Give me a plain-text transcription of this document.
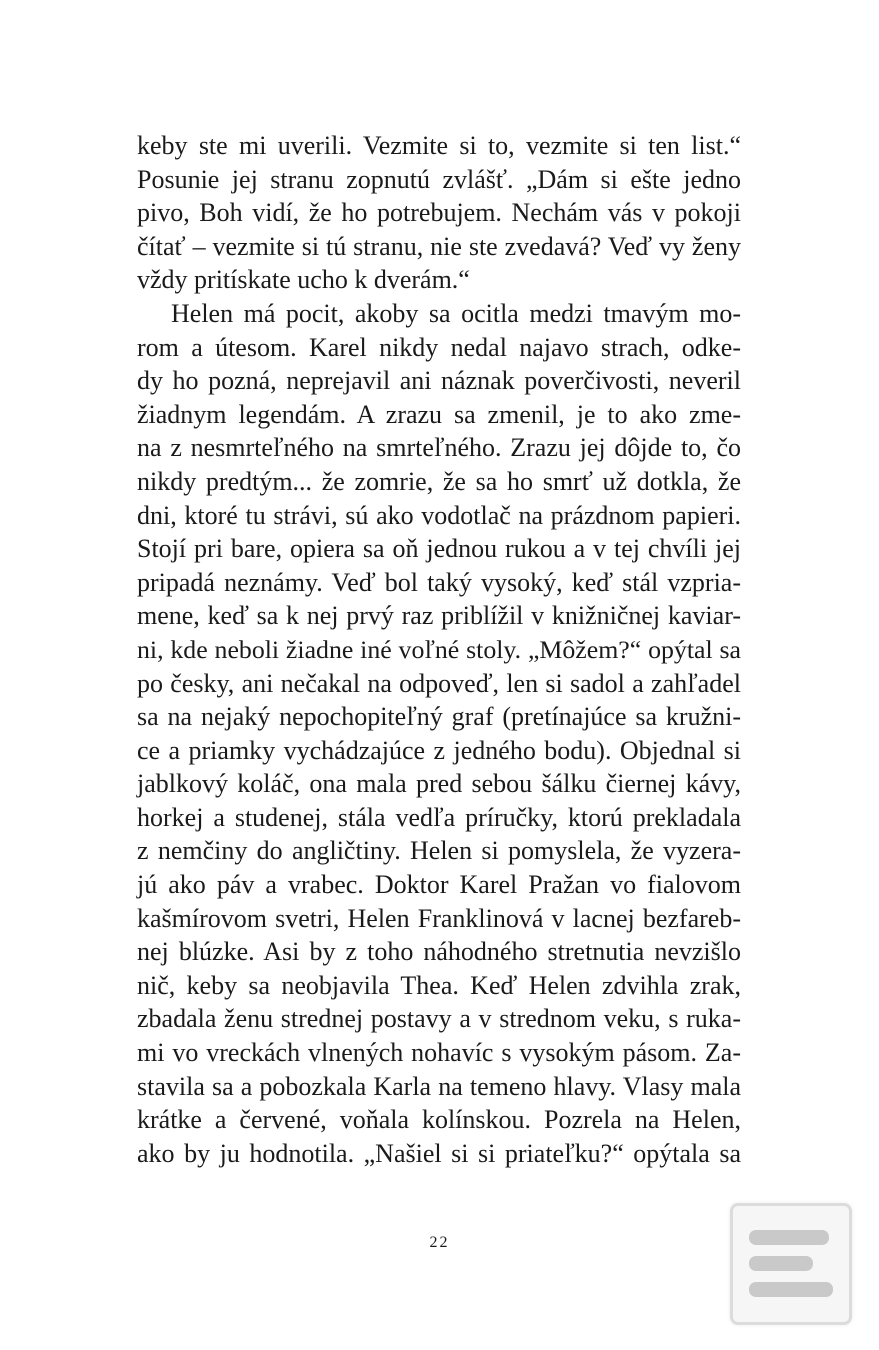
keby ste mi uverili. Vezmite si to, vezmite si ten list.“
Posunie jej stranu zopnutú zvlášť. „Dám si ešte jedno
pivo, Boh vidí, že ho potrebujem. Nechám vás v pokoji
čítať – vezmite si tú stranu, nie ste zvedavá? Veď vy ženy
vždy pritískate ucho k dverám.“
Helen má pocit, akoby sa ocitla medzi tmavým mo-
rom a útesom. Karel nikdy nedal najavo strach, odke-
dy ho pozná, neprejavil ani náznak poverčivosti, neveril
žiadnym legendám. A zrazu sa zmenil, je to ako zme-
na z nesmrteľného na smrteľného. Zrazu jej dôjde to, čo
nikdy predtým... že zomrie, že sa ho smrť už dotkla, že
dni, ktoré tu strávi, sú ako vodotlač na prázdnom papieri.
Stojí pri bare, opiera sa oň jednou rukou a v tej chvíli jej
pripadá neznámy. Veď bol taký vysoký, keď stál vzpria-
mene, keď sa k nej prvý raz priblížil v knižničnej kaviar-
ni, kde neboli žiadne iné voľné stoly. „Môžem?“ opýtal sa
po česky, ani nečakal na odpoveď, len si sadol a zahľadel
sa na nejaký nepochopiteľný graf (pretínajúce sa kružni-
ce a priamky vychádzajúce z jedného bodu). Objednal si
jablkový koláč, ona mala pred sebou šálku čiernej kávy,
horkej a studenej, stála vedľa príručky, ktorú prekladala
z nemčiny do angličtiny. Helen si pomyslela, že vyzera-
jú ako páv a vrabec. Doktor Karel Pražan vo fialovom
kašmírovom svetri, Helen Franklinová v lacnej bezfareb-
nej blúzke. Asi by z toho náhodného stretnutia nevzišlo
nič, keby sa neobjavila Thea. Keď Helen zdvihla zrak,
zbadala ženu strednej postavy a v strednom veku, s ruka-
mi vo vreckách vlnených nohavíc s vysokým pásom. Za-
stavila sa a pobozkala Karla na temeno hlavy. Vlasy mala
krátke a červené, voňala kolínskou. Pozrela na Helen,
ako by ju hodnotila. „Našiel si si priateľku?“ opýtala sa
22
